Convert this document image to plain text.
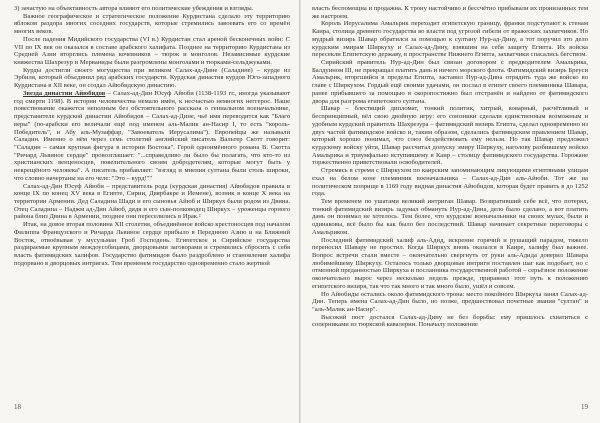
3) зачастую на объективность автора влияют его политические убеждения и взгляды.

Важное географическое и стратегическое положение Курдистана сделало эту территорию яблоком раздора многих соседних государств, которые стремились завоевать его со времён многих веков.

После падения Мидийского государства (VI в.) Курдистан стал ареной бесконечных войн: С VII по IX век он оказался в составе арабского халифата. Позднее на территорию Курдистана из Средней Азии вторглись племена кочевников – тюрок и монголов. Независимые курдские княжества Шахрезур и Мерваниды были разгромлены монголами и тюрками-сельджуками.

Курды достигли своего могущества при великом Салах-ад-Дине (Саладине) – курде из Эрбиля, который объединил ряд арабских государств. Курдская династия курдов Юго-западного Курдистана в XII веке, он создал Айюбидскую династию.

Звезда династии Айюбидов – Салах-ад-Дин Юсуф Айюби (1138-1193 гг., иногда указывают год смерти 1198). В истории человечества немало имён, к несчастью немногих неггерос. Наше повествование окажется неполным без обстоятельного рассказа о гениальном военачальнике, представителе курдской династии Айюбидов – Салах-ад-Дине, чьё имя переводится как "Благо веры" (по-арабски его величали ещё под именем аль-Малик ан-Насир I, то есть "король-Победитель", и Абу аль-Музаффар, "Завоеватель Иерусалима"). Европейцы же называли Саладин. Именно о нём через семь столетий английский писатель Вальтер Скотт говорит: "Саладин – самая крупная фигура в истории Востока". Герой одноимённого романа В. Скотта "Ричард Львиное сердце" провозглашает: "...справедливо ли было бы полагать, что кто-то из христианских венценосцев, повелительного своим добродетелям, которые могут быть у некрещёного человека". А писатель прибавляет: "взгляд и мнения султана были столь широки, что словно начертаны на его челе: "Это – курд!""

Салах-ад-Дин Юсуф Айюби – представитель рода (курдская династия) Айюбидов правила в конце IX по конец XV века в Египте, Сирии, Двярбакре и Йемене), возник в конце X века на территории Армении. Дед Саладина Шади и его сыновья Айюб и Ширкух были родом из Двина. Отец Саладина – Наджм ад-Дин Айюб, дядя и его сын-полководец Ширкух – уроженцы горного района близ Двина в Армении, позднее они переселились в Ирак.²

Итак, на довое вторая половина XII столетия, объединённое войско крестоносцев под началом Филиппа Французского и Ричарда Львиное сердце прибыло в Переднюю Азию и на Ближний Восток, отвоёвывая у мусульман Гроб Господень. Египетское и Сирийское государства раздираемые крупным междоусобицами, дворцовыми заговорами и стремились сбросить с себя власть фатимидских халифов. Государство фатимидов было раздроблено и становление халифа подорвано в дворцовых интригах. Тем временем государство одновременно стало жертвой

18

власть беспомощна и продажна. К трону настойчиво и бессчётно прибывали их пронизанных тем же настроем.

Король Иерусалима Амальрик переходит египетскую границу, франки подступают к стенам Каира, столица древнего государства во власти под угрозой гибели от вражеских захватчиков. Но мудрый визирь Шавар обратился за помощью к султану Нур-ад-Дину, а тот поручил это дело курдским эмирам Ширкуху и Салах-ад-Дину, взявшим на себя защиту Египта. Их войска пересекли Египетскую державу, в пространстве Нижнего Египта, захватчики спасались бегством.

Сирийский правитель Нур-ад-Дин был связан договором с предводителем Амальрика, Балдуином III, не прекращал платить дань и ничего морского флота. Фатимидский визирь Бреуси Амальрик, вторгшийся в пределы Египта, заставил Нур-ад-Дина отрядить туда же войско во главе с Ширкухом. Гордый ещё своими удачами, он послал в египет своего племянника Шавара, ранее прибывшего за помощью в скоропостижно был отстранён и найдено от фатимидского двора для разгрома египетского султана.

Шавар – блестящий дипломат, тонкий политик, хитрый, коварный, расчётливый и беспринципный, вёл свою двойную игру: его союзники сделали единственным возможным и удобным курдский правитель Шахрезура – фатимидский визирь Египта, сделал одновременно из двух частей фатимидское войско и, таким образом, сделались фатимидским правлением Шавар, который хорошо понимал, что союз бездействовать ему нельзя. Но так Шавар предложил курдскому войску уйти, Шавар рассчитал допуску эмиру Ширкуху, наголову разбившему войско Амальрика и триумфально вступившему в Каир – столицу фатимидского государства. Горожане торжественно приветствовали освободителей.

Стремясь в стремя с Ширкухом по каирским запоминающим ликующими египтянами улицам ехал на белом коне племянник военачальника – Салах-ад-Дин аль-Айюби. Тот же на политическом поприще в 1169 году видная династия Айюбидов, которая будет править в до 1252 года.

Тем временем по ушатами великий интриган Шавар. Возвративший себе всё, что потерял, тонкий фатимидский визирь задумал обмануть Нур-ад-Дина, дело было сделано, а вот платить дань он понимал не хотелось. Тем более, что курдские военачальники на своих мулах, были и одинаковы, всё было бы как было без последствий. Шавар начинает секретные переговоры с Амальриком.

Последний фатимидский халиф аль-Адид, искренне горячий и рушащий парадом, тяжело переносил Шавару не простил. Когда Ширкух вновь оказался в Каире, халифу был важнее. Вопрос встречи стали вместе – окончательно свергнуть от руки аль-Адида доверил Шавара любимейшему Ширкуху. Осталось только дворцовые интриги поставлен шаг как подобает, но с отменной преданностью Ширкуха и посланника государственной работой – серьёзное положение окончательно вырос через несколько недель прежде, приравнял этот путь к положению египетского визиря, так что так много и так много было, ушёл и совсем.

Но Айюбиды остались около фатимидского трона: место покойного Ширкуха занял Салах-ад-Дин. Теперь имена Салах-ад-Дин было, но позже, предшествовал почетные звания "султан" и "аль-Малик ан-Насир".

Высокий пост достался Салах-ад-Дину не без борьбы: ему пришлось схватиться с соперниками из тюркской кавалерии. Поначалу положение

19
